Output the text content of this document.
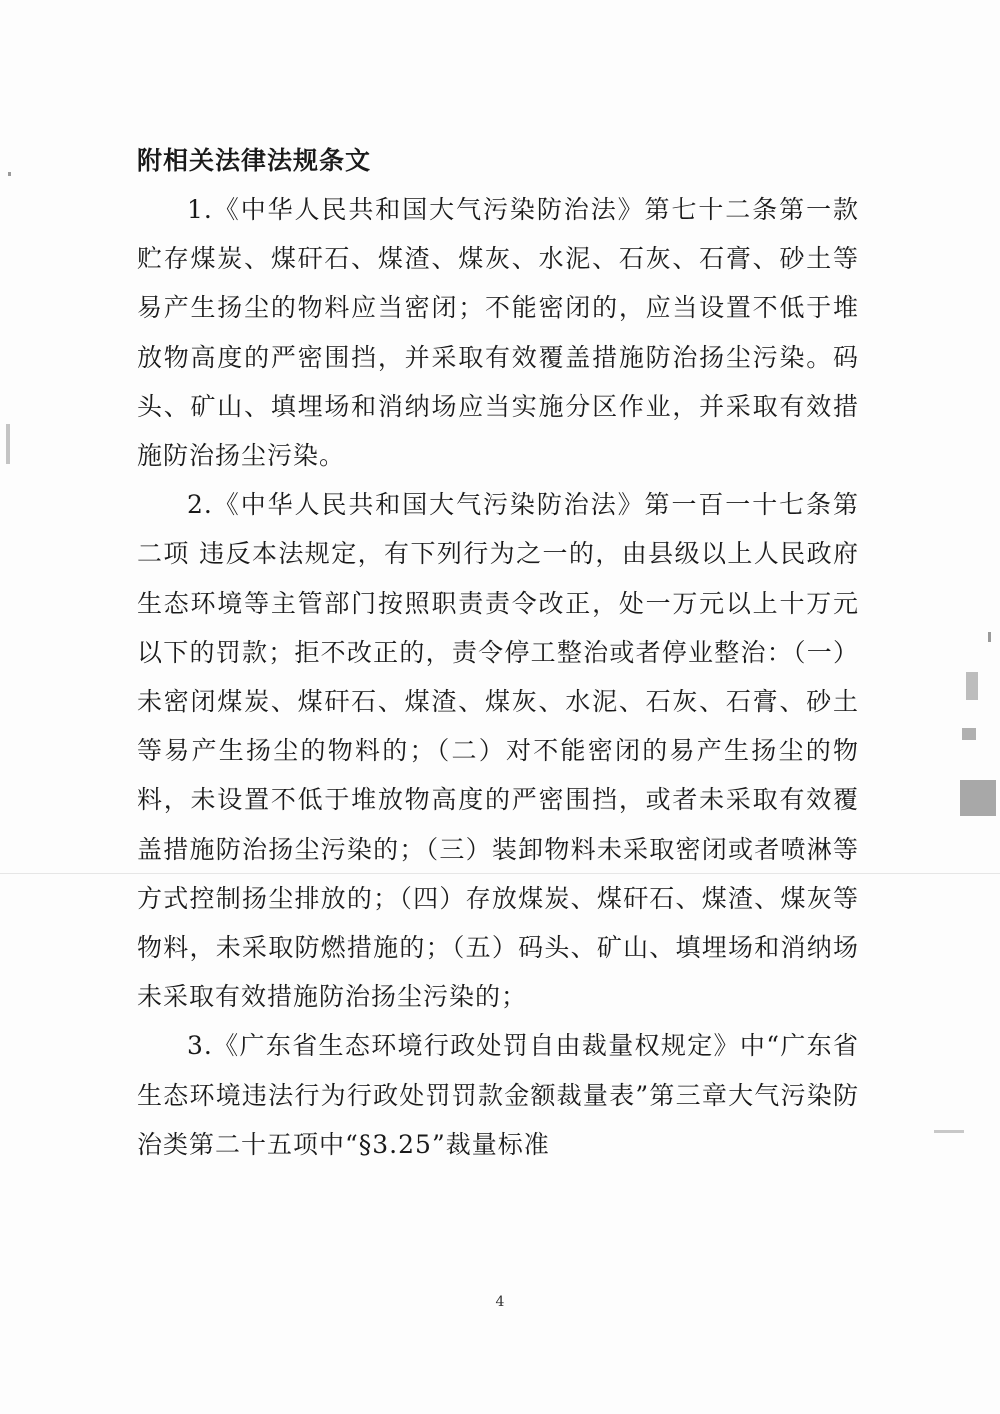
附相关法律法规条文

1.《中华人民共和国大气污染防治法》第七十二条第一款 贮存煤炭、煤矸石、煤渣、煤灰、水泥、石灰、石膏、砂土等易产生扬尘的物料应当密闭；不能密闭的，应当设置不低于堆放物高度的严密围挡，并采取有效覆盖措施防治扬尘污染。码头、矿山、填埋场和消纳场应当实施分区作业，并采取有效措施防治扬尘污染。

2.《中华人民共和国大气污染防治法》第一百一十七条第二项 违反本法规定，有下列行为之一的，由县级以上人民政府生态环境等主管部门按照职责责令改正，处一万元以上十万元以下的罚款；拒不改正的，责令停工整治或者停业整治：（一）未密闭煤炭、煤矸石、煤渣、煤灰、水泥、石灰、石膏、砂土等易产生扬尘的物料的；（二）对不能密闭的易产生扬尘的物料，未设置不低于堆放物高度的严密围挡，或者未采取有效覆盖措施防治扬尘污染的；（三）装卸物料未采取密闭或者喷淋等方式控制扬尘排放的；（四）存放煤炭、煤矸石、煤渣、煤灰等物料，未采取防燃措施的；（五）码头、矿山、填埋场和消纳场未采取有效措施防治扬尘污染的；

3.《广东省生态环境行政处罚自由裁量权规定》中“广东省生态环境违法行为行政处罚罚款金额裁量表”第三章大气污染防治类第二十五项中“§3.25”裁量标准

4
